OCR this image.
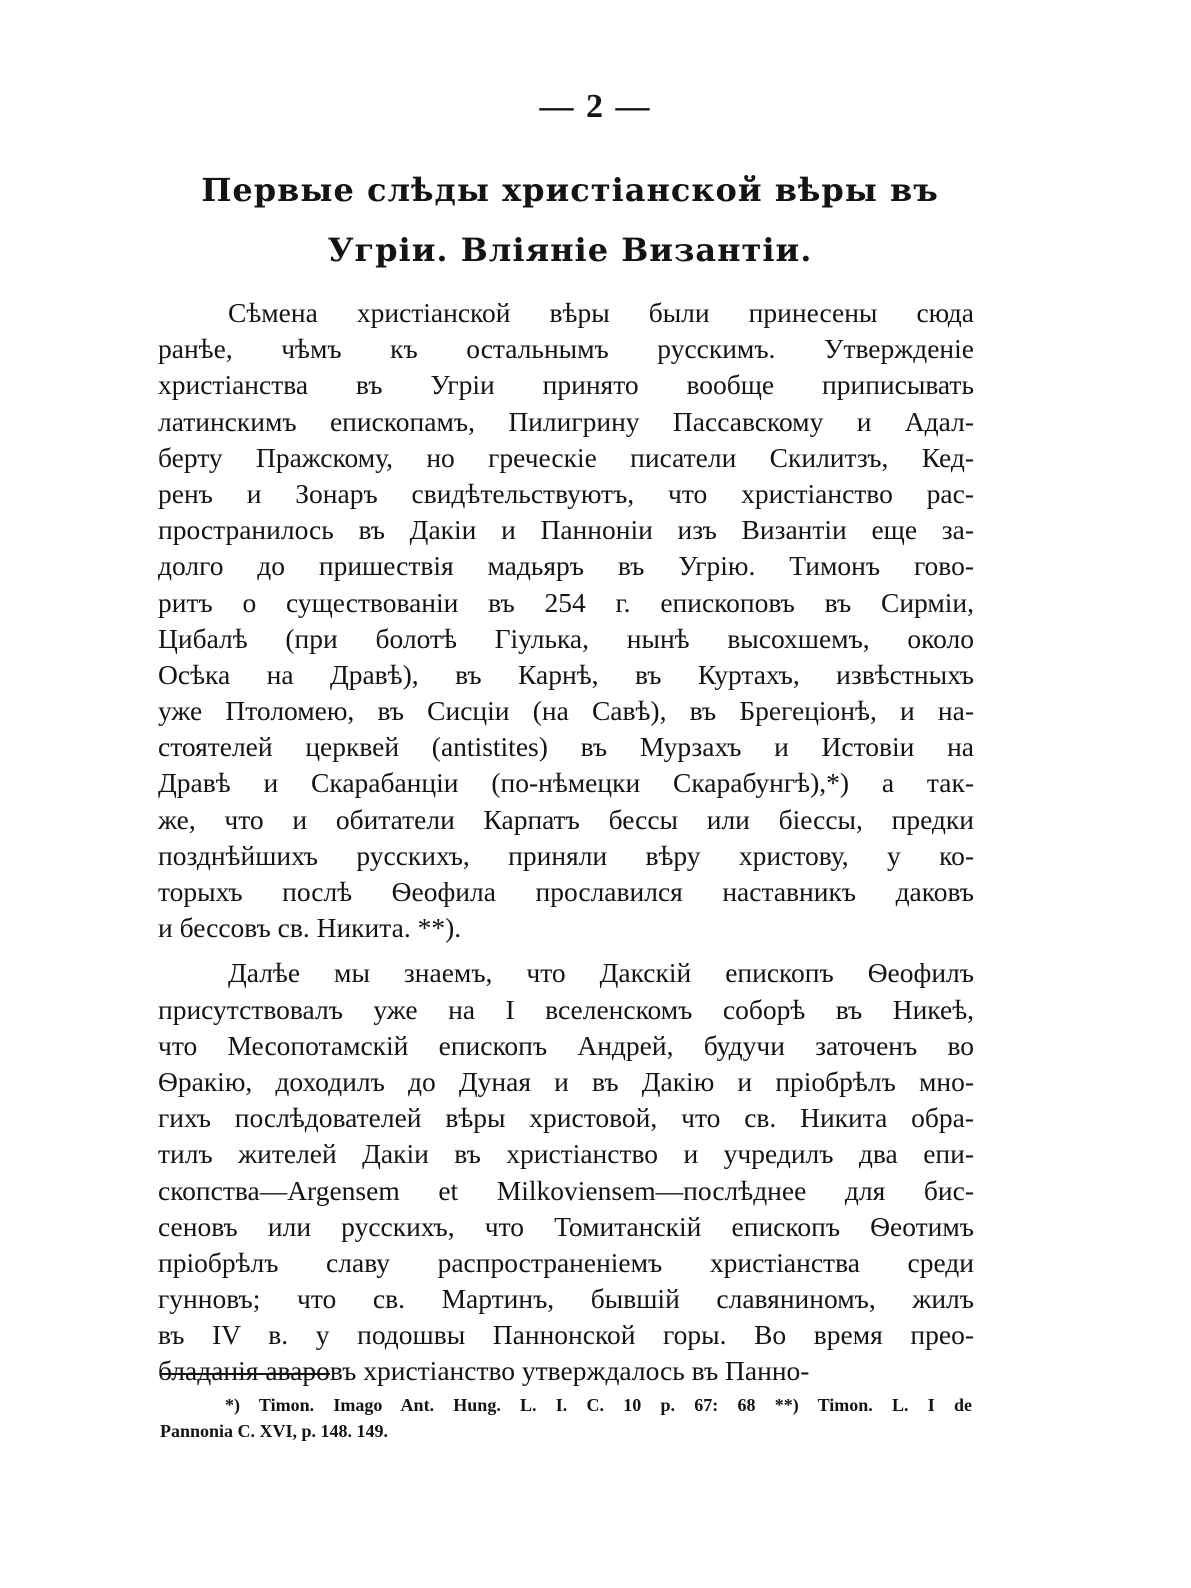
— 2 —
Первые слѣды христіанской вѣры въ
Угріи. Вліяніе Византіи.
Сѣмена христіанской вѣры были принесены сюда
ранѣе, чѣмъ къ остальнымъ русскимъ. Утвержденіе
христіанства въ Угріи принято вообще приписывать
латинскимъ епископамъ, Пилигрину Пассавскому и Адал-
берту Пражскому, но греческіе писатели Скилитзъ, Кед-
ренъ и Зонаръ свидѣтельствуютъ, что христіанство рас-
пространилось въ Дакіи и Панноніи изъ Византіи еще за-
долго до пришествія мадьяръ въ Угрію. Тимонъ гово-
ритъ о существованіи въ 254 г. епископовъ въ Сирміи,
Цибалѣ (при болотѣ Гіулька, нынѣ высохшемъ, около
Осѣка на Дравѣ), въ Карнѣ, въ Куртахъ, извѣстныхъ
уже Птоломею, въ Сисціи (на Савѣ), въ Брегеціонѣ, и на-
стоятелей церквей (antistites) въ Мурзахъ и Истовіи на
Дравѣ и Скарабанціи (по-нѣмецки Скарабунгѣ),*) а так-
же, что и обитатели Карпатъ бессы или біессы, предки
позднѣйшихъ русскихъ, приняли вѣру христову, у ко-
торыхъ послѣ Ѳеофила прославился наставникъ даковъ
и бессовъ св. Никита. **).
Далѣе мы знаемъ, что Дакскій епископъ Ѳеофилъ
присутствовалъ уже на I вселенскомъ соборѣ въ Никеѣ,
что Месопотамскій епископъ Андрей, будучи заточенъ во
Ѳракію, доходилъ до Дуная и въ Дакію и пріобрѣлъ мно-
гихъ послѣдователей вѣры христовой, что св. Никита обра-
тилъ жителей Дакіи въ христіанство и учредилъ два епи-
скопства—Argensem et Milkoviensem—послѣднее для бис-
сеновъ или русскихъ, что Томитанскій епископъ Ѳеотимъ
пріобрѣлъ славу распространеніемъ христіанства среди
гунновъ; что св. Мартинъ, бывшій славяниномъ, жилъ
въ IV в. у подошвы Паннонской горы. Во время прео-
бладанія аваровъ христіанство утверждалось въ Панно-
*) Timon. Imago Ant. Hung. L. I. C. 10 p. 67: 68 **) Timon. L. I de
Pannonia C. XVI, p. 148. 149.
